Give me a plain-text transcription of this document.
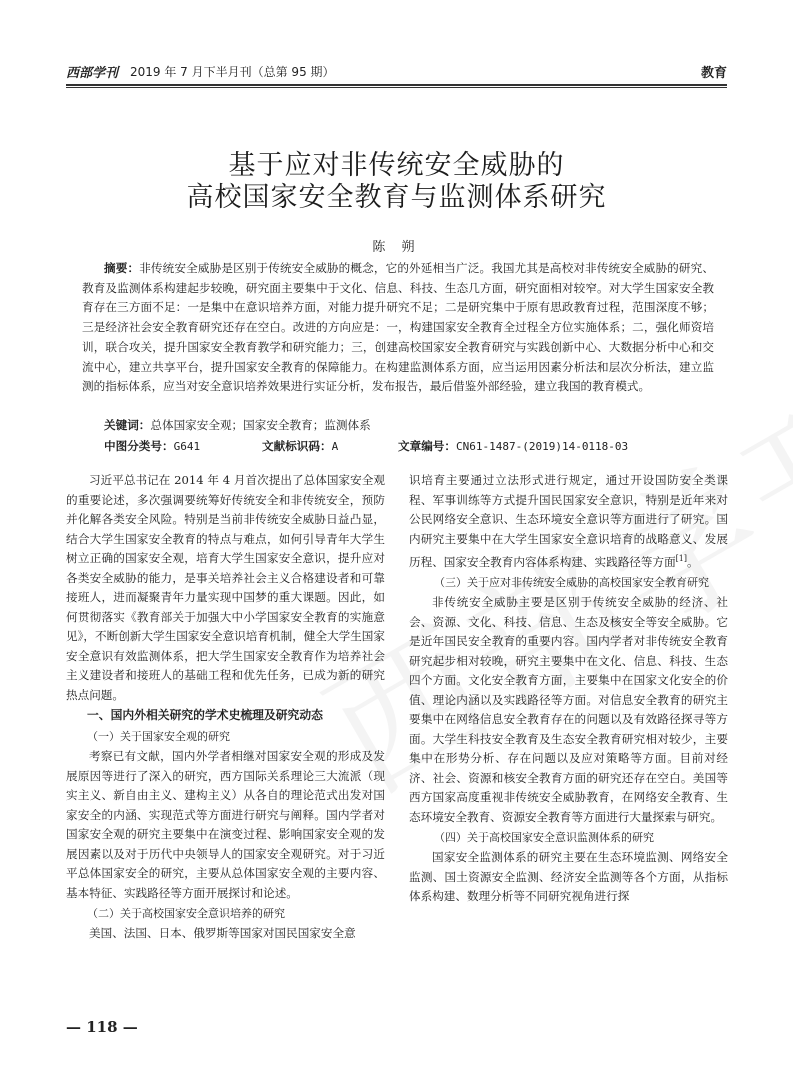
西部学刊 2019 年 7 月下半月刊（总第 95 期）	教育
基于应对非传统安全威胁的
高校国家安全教育与监测体系研究
陈 朔

摘要：非传统安全威胁是区别于传统安全威胁的概念，它的外延相当广泛。我国尤其是高校对非传统安全威胁的研究、教育及监测体系构建起步较晚，研究面主要集中于文化、信息、科技、生态几方面，研究面相对较窄。对大学生国家安全教育存在三方面不足：一是集中在意识培养方面，对能力提升研究不足；二是研究集中于原有思政教育过程，范围深度不够；三是经济社会安全教育研究还存在空白。改进的方向应是：一，构建国家安全教育全过程全方位实施体系；二，强化师资培训，联合攻关，提升国家安全教育教学和研究能力；三，创建高校国家安全教育研究与实践创新中心、大数据分析中心和交流中心，建立共享平台，提升国家安全教育的保障能力。在构建监测体系方面，应当运用因素分析法和层次分析法，建立监测的指标体系，应当对安全意识培养效果进行实证分析，发布报告，最后借鉴外部经验，建立我国的教育模式。

关键词：总体国家安全观；国家安全教育；监测体系
中图分类号：G641	文献标识码：A	文章编号：CN61-1487-(2019)14-0118-03

习近平总书记在 2014 年 4 月首次提出了总体国家安全观的重要论述，多次强调要统筹好传统安全和非传统安全，预防并化解各类安全风险。特别是当前非传统安全威胁日益凸显，结合大学生国家安全教育的特点与难点，如何引导青年大学生树立正确的国家安全观，培育大学生国家安全意识，提升应对各类安全威胁的能力，是事关培养社会主义合格建设者和可靠接班人，进而凝聚青年力量实现中国梦的重大课题。因此，如何贯彻落实《教育部关于加强大中小学国家安全教育的实施意见》，不断创新大学生国家安全意识培育机制，健全大学生国家安全意识有效监测体系，把大学生国家安全教育作为培养社会主义建设者和接班人的基础工程和优先任务，已成为新的研究热点问题。

一、国内外相关研究的学术史梳理及研究动态
（一）关于国家安全观的研究

考察已有文献，国内外学者相继对国家安全观的形成及发展原因等进行了深入的研究，西方国际关系理论三大流派（现实主义、新自由主义、建构主义）从各自的理论范式出发对国家安全的内涵、实现范式等方面进行研究与阐释。国内学者对国家安全观的研究主要集中在演变过程、影响国家安全观的发展因素以及对于历代中央领导人的国家安全观研究。对于习近平总体国家安全的研究，主要从总体国家安全观的主要内容、基本特征、实践路径等方面开展探讨和论述。

（二）关于高校国家安全意识培养的研究

美国、法国、日本、俄罗斯等国家对国民国家安全意

识培育主要通过立法形式进行规定，通过开设国防安全类课程、军事训练等方式提升国民国家安全意识，特别是近年来对公民网络安全意识、生态环境安全意识等方面进行了研究。国内研究主要集中在大学生国家安全意识培育的战略意义、发展历程、国家安全教育内容体系构建、实践路径等方面[1]。

（三）关于应对非传统安全威胁的高校国家安全教育研究

非传统安全威胁主要是区别于传统安全威胁的经济、社会、资源、文化、科技、信息、生态及核安全等安全威胁。它是近年国民安全教育的重要内容。国内学者对非传统安全教育研究起步相对较晚，研究主要集中在文化、信息、科技、生态四个方面。文化安全教育方面，主要集中在国家文化安全的价值、理论内涵以及实践路径等方面。对信息安全教育的研究主要集中在网络信息安全教育存在的问题以及有效路径探寻等方面。大学生科技安全教育及生态安全教育研究相对较少，主要集中在形势分析、存在问题以及应对策略等方面。目前对经济、社会、资源和核安全教育方面的研究还存在空白。美国等西方国家高度重视非传统安全威胁教育，在网络安全教育、生态环境安全教育、资源安全教育等方面进行大量探索与研究。

（四）关于高校国家安全意识监测体系的研究

国家安全监测体系的研究主要在生态环境监测、网络安全监测、国土资源安全监测、经济安全监测等各个方面，从指标体系构建、数理分析等不同研究视角进行探

— 118 —
